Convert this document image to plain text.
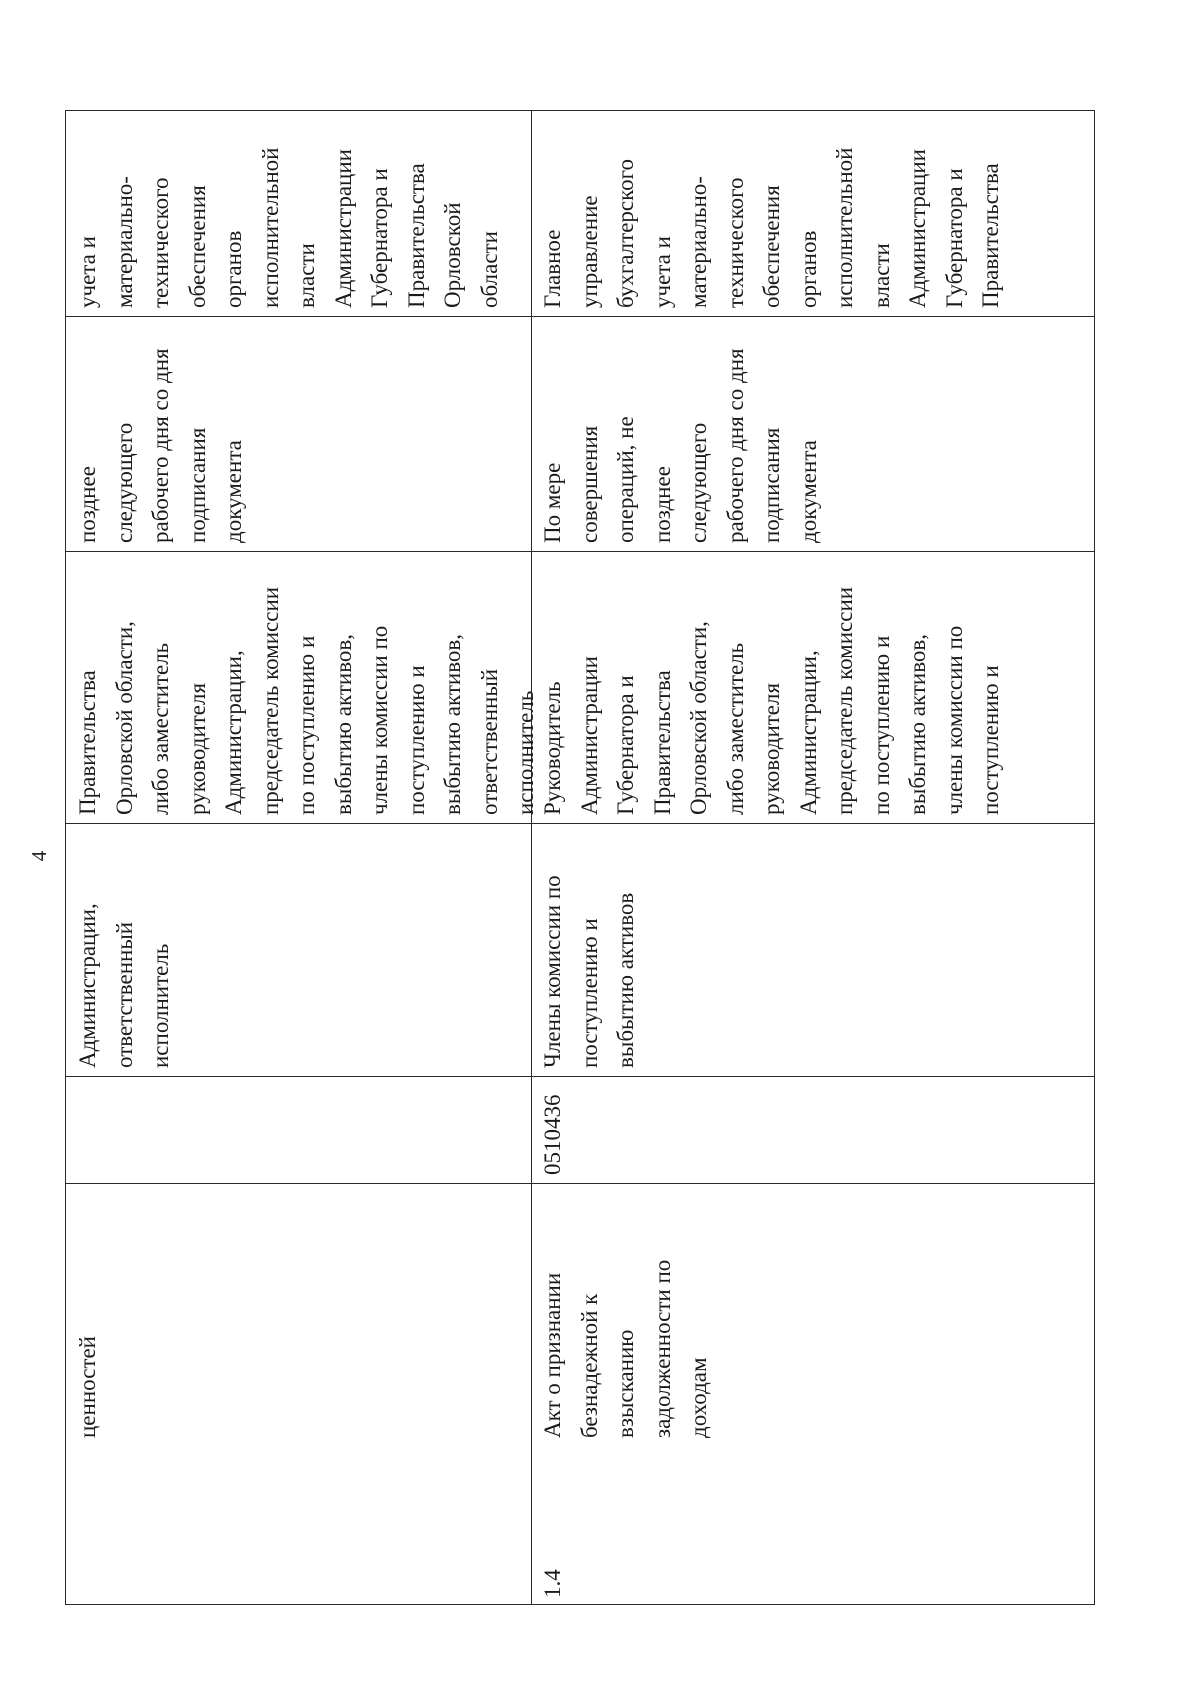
4
ценностей
Администрации,
ответственный
исполнитель
Правительства
Орловской области,
либо заместитель
руководителя
Администрации,
председатель комиссии
по поступлению и
выбытию активов,
члены комиссии по
поступлению и
выбытию активов,
ответственный
исполнитель
позднее
следующего
рабочего дня со дня
подписания
документа
учета и
материально-
технического
обеспечения
органов
исполнительной
власти
Администрации
Губернатора и
Правительства
Орловской
области
1.4
Акт о признании
безнадежной к
взысканию
задолженности по
доходам
0510436
Члены комиссии по
поступлению и
выбытию активов
Руководитель
Администрации
Губернатора и
Правительства
Орловской области,
либо заместитель
руководителя
Администрации,
председатель комиссии
по поступлению и
выбытию активов,
члены комиссии по
поступлению и
По мере
совершения
операций, не
позднее
следующего
рабочего дня со дня
подписания
документа
Главное
управление
бухгалтерского
учета и
материально-
технического
обеспечения
органов
исполнительной
власти
Администрации
Губернатора и
Правительства
